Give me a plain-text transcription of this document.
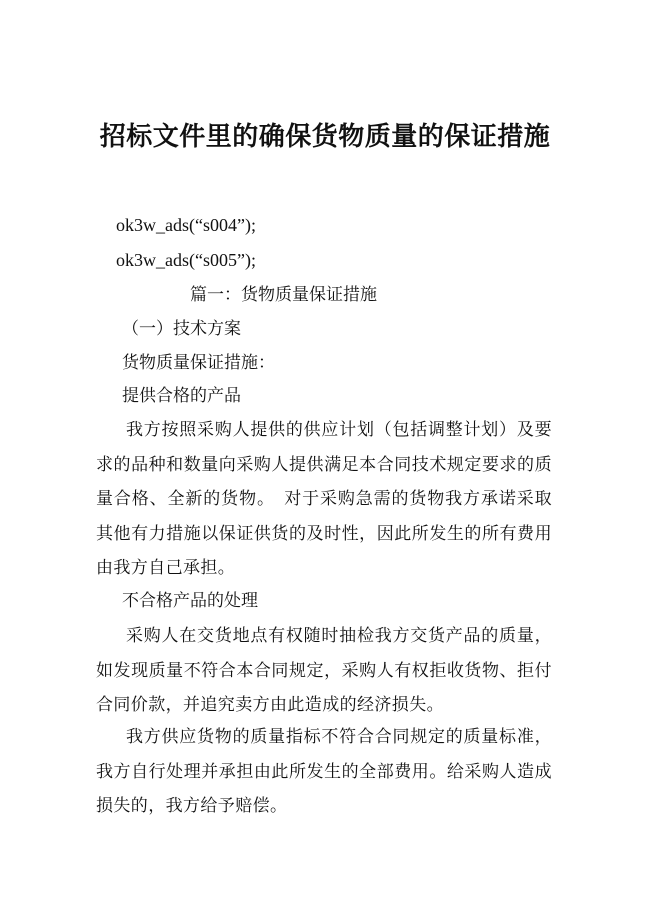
招标文件里的确保货物质量的保证措施

ok3w_ads(“s004”);

ok3w_ads(“s005”);

篇一：货物质量保证措施

（一）技术方案

货物质量保证措施：

提供合格的产品

我方按照采购人提供的供应计划（包括调整计划）及要求的品种和数量向采购人提供满足本合同技术规定要求的质量合格、全新的货物。　对于采购急需的货物我方承诺采取其他有力措施以保证供货的及时性，因此所发生的所有费用由我方自己承担。

不合格产品的处理

采购人在交货地点有权随时抽检我方交货产品的质量，如发现质量不符合本合同规定，采购人有权拒收货物、拒付合同价款，并追究卖方由此造成的经济损失。

我方供应货物的质量指标不符合合同规定的质量标准，我方自行处理并承担由此所发生的全部费用。给采购人造成损失的，我方给予赔偿。
